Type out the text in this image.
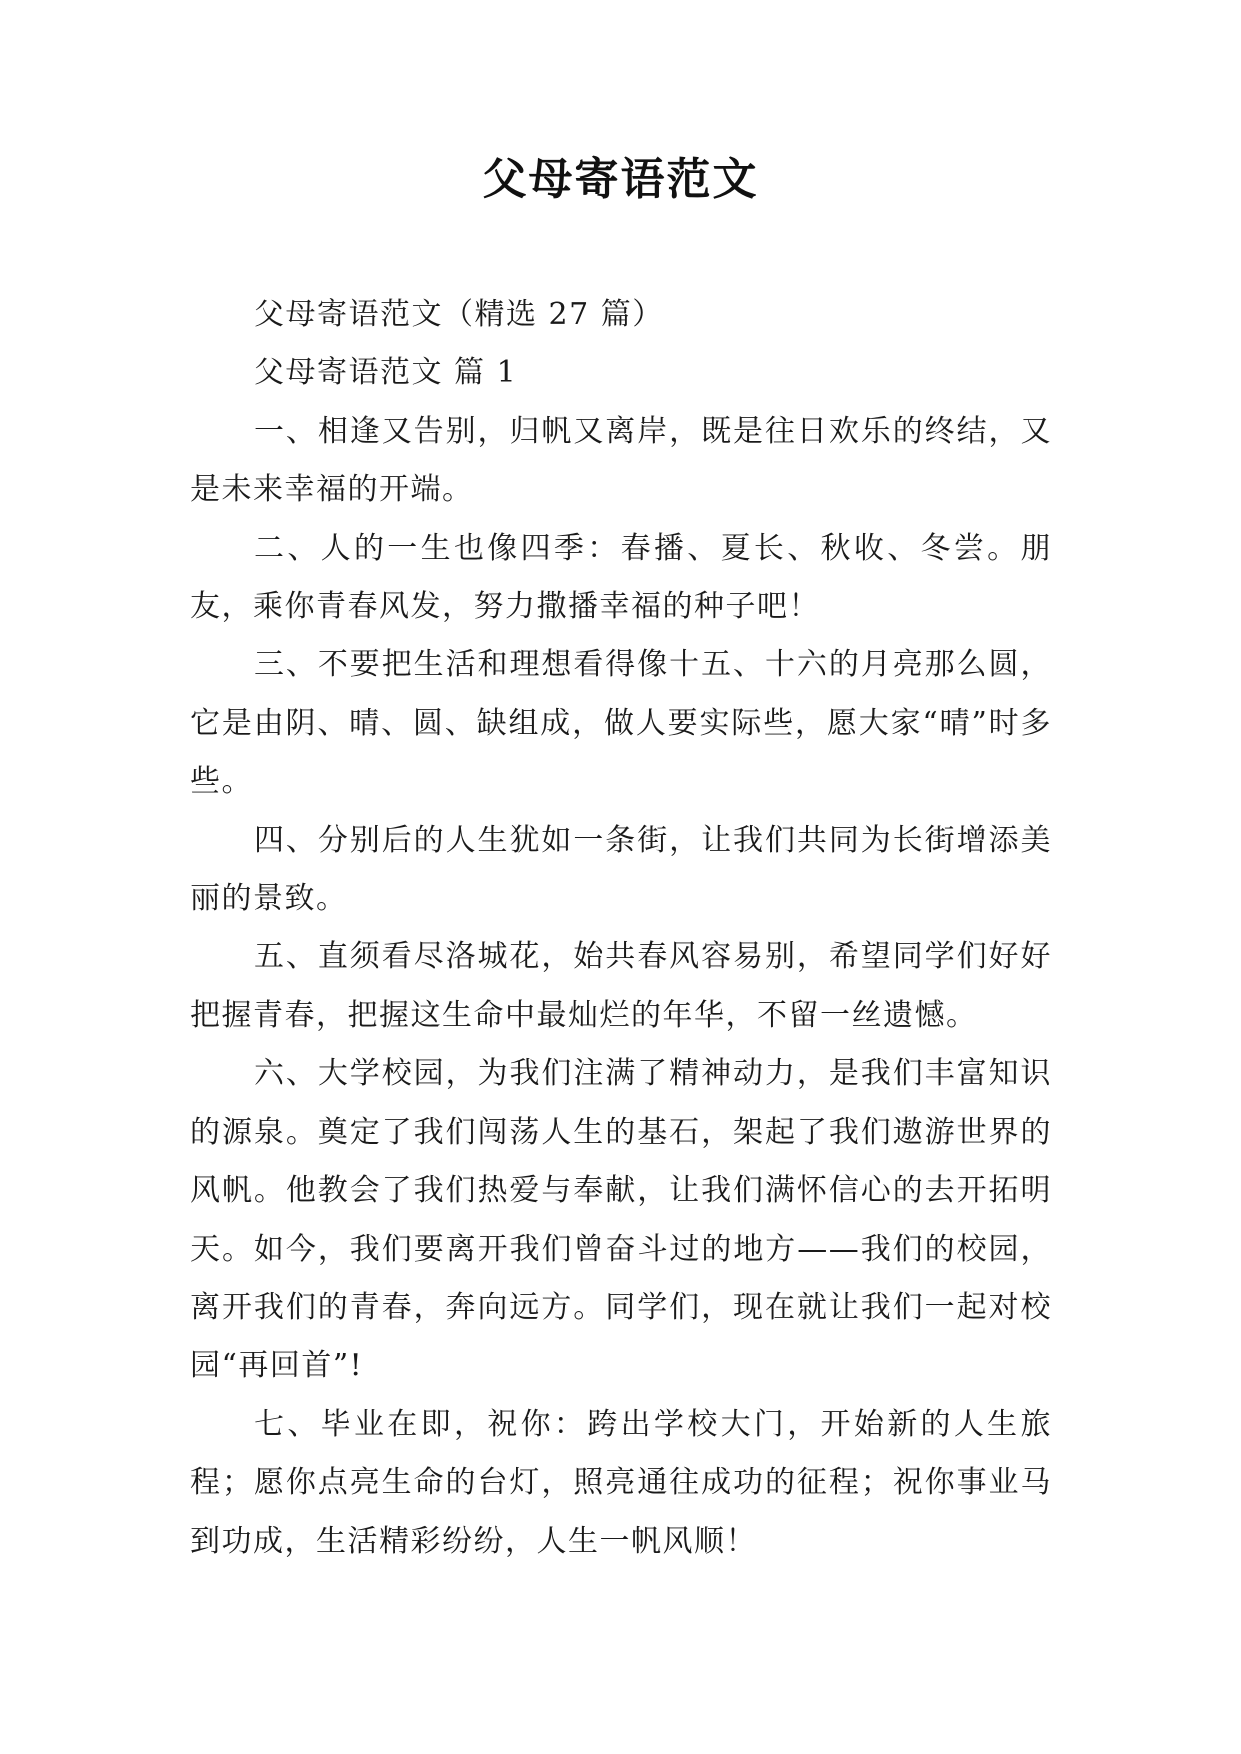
父母寄语范文

父母寄语范文（精选 27 篇）

父母寄语范文 篇 1

一、相逢又告别，归帆又离岸，既是往日欢乐的终结，又是未来幸福的开端。

二、人的一生也像四季：春播、夏长、秋收、冬尝。朋友，乘你青春风发，努力撒播幸福的种子吧！

三、不要把生活和理想看得像十五、十六的月亮那么圆，它是由阴、晴、圆、缺组成，做人要实际些，愿大家“晴”时多些。

四、分别后的人生犹如一条街，让我们共同为长街增添美丽的景致。

五、直须看尽洛城花，始共春风容易别，希望同学们好好把握青春，把握这生命中最灿烂的年华，不留一丝遗憾。

六、大学校园，为我们注满了精神动力，是我们丰富知识的源泉。奠定了我们闯荡人生的基石，架起了我们遨游世界的风帆。他教会了我们热爱与奉献，让我们满怀信心的去开拓明天。如今，我们要离开我们曾奋斗过的地方——我们的校园，离开我们的青春，奔向远方。同学们，现在就让我们一起对校园“再回首”!

七、毕业在即，祝你：跨出学校大门，开始新的人生旅程；愿你点亮生命的台灯，照亮通往成功的征程；祝你事业马到功成，生活精彩纷纷，人生一帆风顺！
